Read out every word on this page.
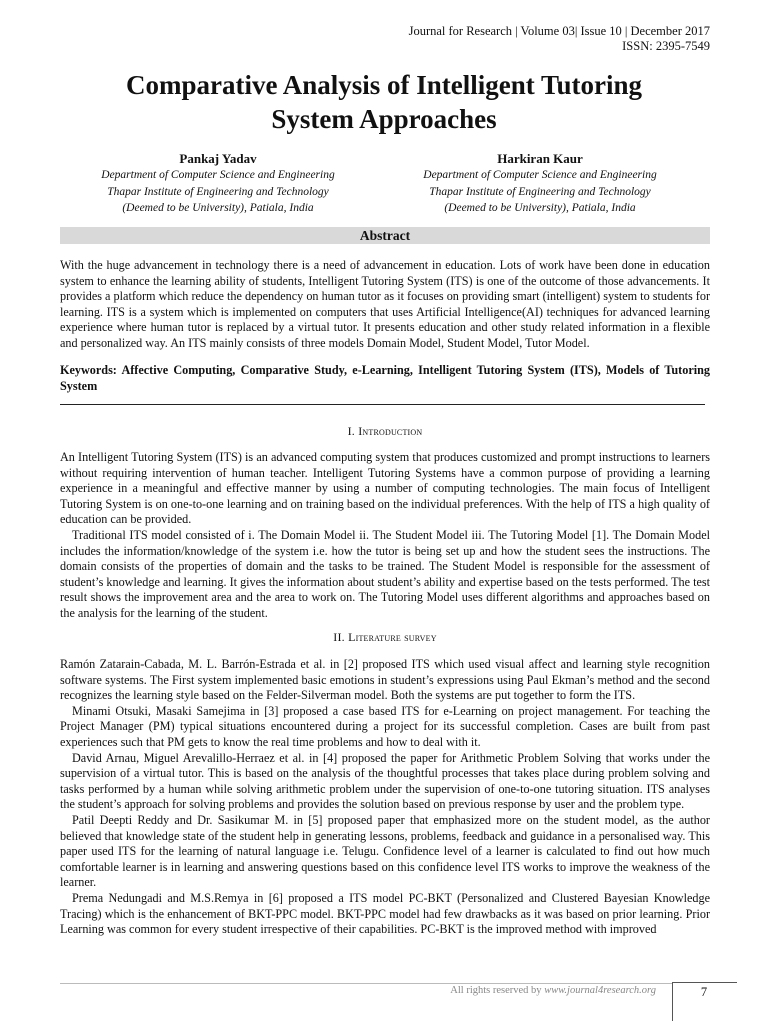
Journal for Research | Volume 03| Issue 10 | December 2017
ISSN: 2395-7549
Comparative Analysis of Intelligent Tutoring
System Approaches
Pankaj Yadav
Department of Computer Science and Engineering
Thapar Institute of Engineering and Technology
(Deemed to be University), Patiala, India
Harkiran Kaur
Department of Computer Science and Engineering
Thapar Institute of Engineering and Technology
(Deemed to be University), Patiala, India
Abstract
With the huge advancement in technology there is a need of advancement in education. Lots of work have been done in education system to enhance the learning ability of students, Intelligent Tutoring System (ITS) is one of the outcome of those advancements. It provides a platform which reduce the dependency on human tutor as it focuses on providing smart (intelligent) system to students for learning. ITS is a system which is implemented on computers that uses Artificial Intelligence(AI) techniques for advanced learning experience where human tutor is replaced by a virtual tutor. It presents education and other study related information in a flexible and personalized way. An ITS mainly consists of three models Domain Model, Student Model, Tutor Model.
Keywords: Affective Computing, Comparative Study, e-Learning, Intelligent Tutoring System (ITS), Models of Tutoring System
I. Introduction

An Intelligent Tutoring System (ITS) is an advanced computing system that produces customized and prompt instructions to learners without requiring intervention of human teacher. Intelligent Tutoring Systems have a common purpose of providing a learning experience in a meaningful and effective manner by using a number of computing technologies. The main focus of Intelligent Tutoring System is on one-to-one learning and on training based on the individual preferences. With the help of ITS a high quality of education can be provided.

Traditional ITS model consisted of i. The Domain Model ii. The Student Model iii. The Tutoring Model [1]. The Domain Model includes the information/knowledge of the system i.e. how the tutor is being set up and how the student sees the instructions. The domain consists of the properties of domain and the tasks to be trained. The Student Model is responsible for the assessment of student’s knowledge and learning. It gives the information about student’s ability and expertise based on the tests performed. The test result shows the improvement area and the area to work on. The Tutoring Model uses different algorithms and approaches based on the analysis for the learning of the student.

II. Literature survey

Ramón Zatarain-Cabada, M. L. Barrón-Estrada et al. in [2] proposed ITS which used visual affect and learning style recognition software systems. The First system implemented basic emotions in student’s expressions using Paul Ekman’s method and the second recognizes the learning style based on the Felder-Silverman model. Both the systems are put together to form the ITS.

Minami Otsuki, Masaki Samejima in [3] proposed a case based ITS for e-Learning on project management. For teaching the Project Manager (PM) typical situations encountered during a project for its successful completion. Cases are built from past experiences such that PM gets to know the real time problems and how to deal with it.

David Arnau, Miguel Arevalillo-Herraez et al. in [4] proposed the paper for Arithmetic Problem Solving that works under the supervision of a virtual tutor. This is based on the analysis of the thoughtful processes that takes place during problem solving and tasks performed by a human while solving arithmetic problem under the supervision of one-to-one tutoring situation. ITS analyses the student’s approach for solving problems and provides the solution based on previous response by user and the problem type.

Patil Deepti Reddy and Dr. Sasikumar M. in [5] proposed paper that emphasized more on the student model, as the author believed that knowledge state of the student help in generating lessons, problems, feedback and guidance in a personalised way. This paper used ITS for the learning of natural language i.e. Telugu. Confidence level of a learner is calculated to find out how much comfortable learner is in learning and answering questions based on this confidence level ITS works to improve the weakness of the learner.

Prema Nedungadi and M.S.Remya in [6] proposed a ITS model PC-BKT (Personalized and Clustered Bayesian Knowledge Tracing) which is the enhancement of BKT-PPC model. BKT-PPC model had few drawbacks as it was based on prior learning. Prior Learning was common for every student irrespective of their capabilities. PC-BKT is the improved method with improved

All rights reserved by www.journal4research.org	7
